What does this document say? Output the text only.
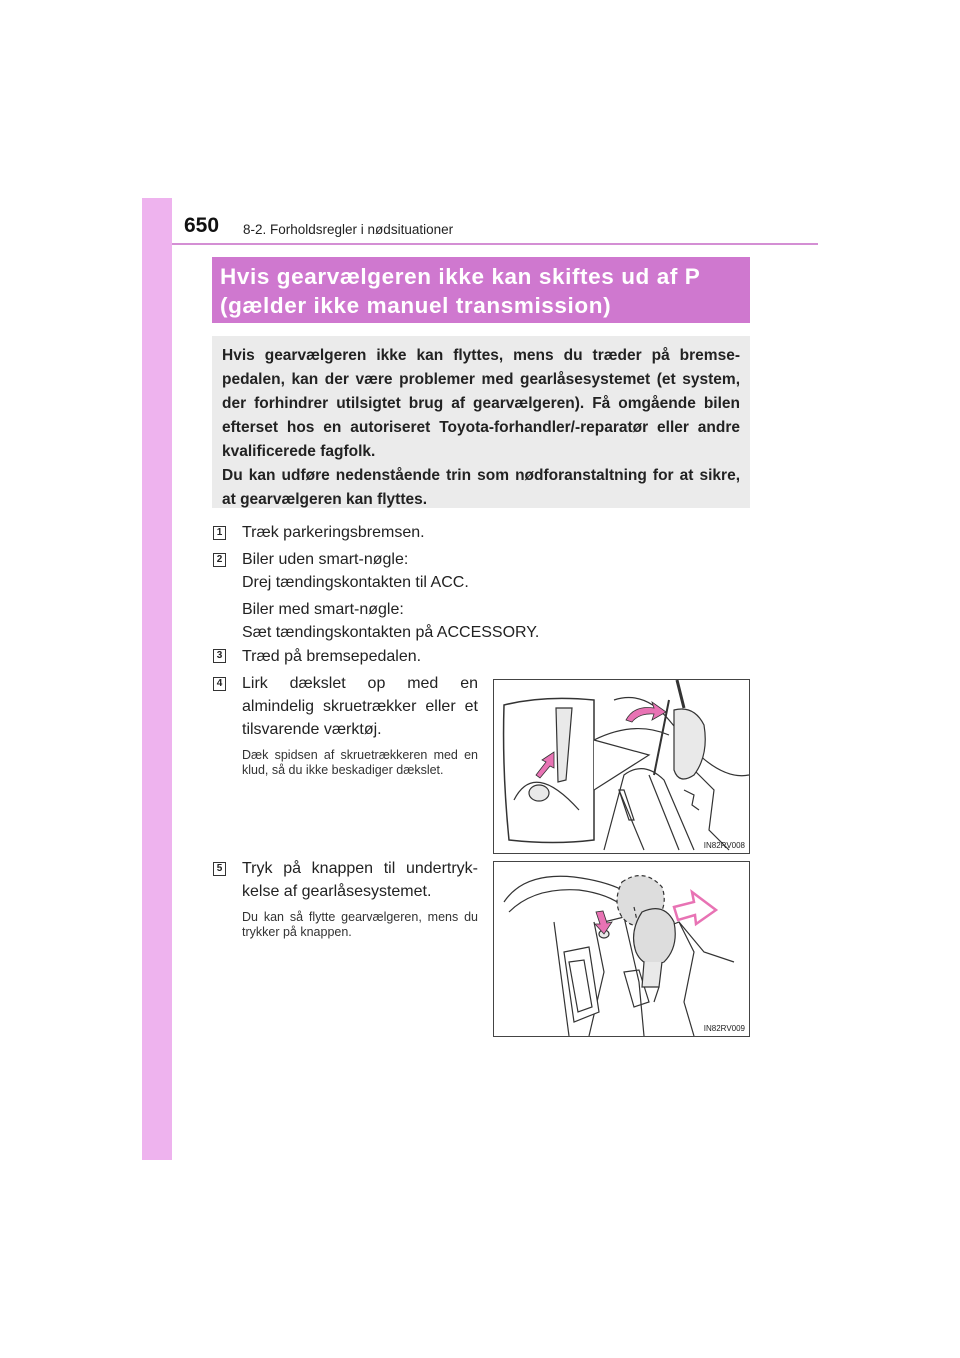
650 8-2. Forholdsregler i nødsituationer
Hvis gearvælgeren ikke kan skiftes ud af P
(gælder ikke manuel transmission)

Hvis gearvælgeren ikke kan flyttes, mens du træder på bremse-pedalen, kan der være problemer med gearlåsesystemet (et system, der forhindrer utilsigtet brug af gearvælgeren). Få omgående bilen efterset hos en autoriseret Toyota-forhandler/-reparatør eller andre kvalificerede fagfolk.

Du kan udføre nedenstående trin som nødforanstaltning for at sikre, at gearvælgeren kan flyttes.

1 Træk parkeringsbremsen.
2 Biler uden smart-nøgle:
Drej tændingskontakten til ACC.
Biler med smart-nøgle:
Sæt tændingskontakten på ACCESSORY.
3 Træd på bremsepedalen.
4 Lirk dækslet op med en almindelig skruetrækker eller et tilsvarende værktøj.
Dæk spidsen af skruetrækkeren med en klud, så du ikke beskadiger dækslet.
IN82RV008
5 Tryk på knappen til undertryk-kelse af gearlåsesystemet.
Du kan så flytte gearvælgeren, mens du trykker på knappen.
IN82RV009
